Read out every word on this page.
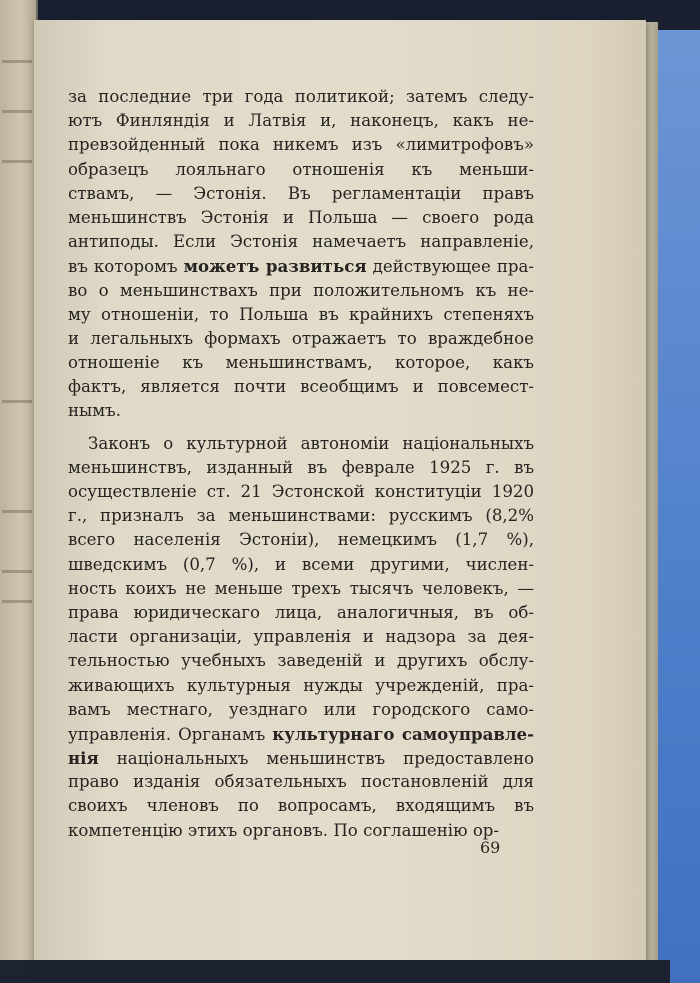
за последние три года политикой; затемъ следу-
ютъ Финляндія и Латвія и, наконецъ, какъ не-
превзойденный пока никемъ изъ «лимитрофовъ»
образецъ лояльнаго отношенія къ меньши-
ствамъ, — Эстонія. Въ регламентаціи правъ
меньшинствъ Эстонія и Польша — своего рода
антиподы. Если Эстонія намечаетъ направленіе,
въ которомъ можетъ развиться действующее пра-
во о меньшинствахъ при положительномъ къ не-
му отношеніи, то Польша въ крайнихъ степеняхъ
и легальныхъ формахъ отражаетъ то враждебное
отношеніе къ меньшинствамъ, которое, какъ
фактъ, является почти всеобщимъ и повсемест-
нымъ.
Законъ о культурной автономіи національныхъ
меньшинствъ, изданный въ феврале 1925 г. въ
осуществленіе ст. 21 Эстонской конституціи 1920
г., призналъ за меньшинствами: русскимъ (8,2%
всего населенія Эстоніи), немецкимъ (1,7 %),
шведскимъ (0,7 %), и всеми другими, числен-
ность коихъ не меньше трехъ тысячъ человекъ, —
права юридическаго лица, аналогичныя, въ об-
ласти организаціи, управленія и надзора за дея-
тельностью учебныхъ заведеній и другихъ обслу-
живающихъ культурныя нужды учрежденій, пра-
вамъ местнаго, уезднаго или городского само-
управленія. Органамъ культурнаго самоуправле-
нія національныхъ меньшинствъ предоставлено
право изданія обязательныхъ постановленій для
своихъ членовъ по вопросамъ, входящимъ въ
компетенцію этихъ органовъ. По соглашенію ор-
69
